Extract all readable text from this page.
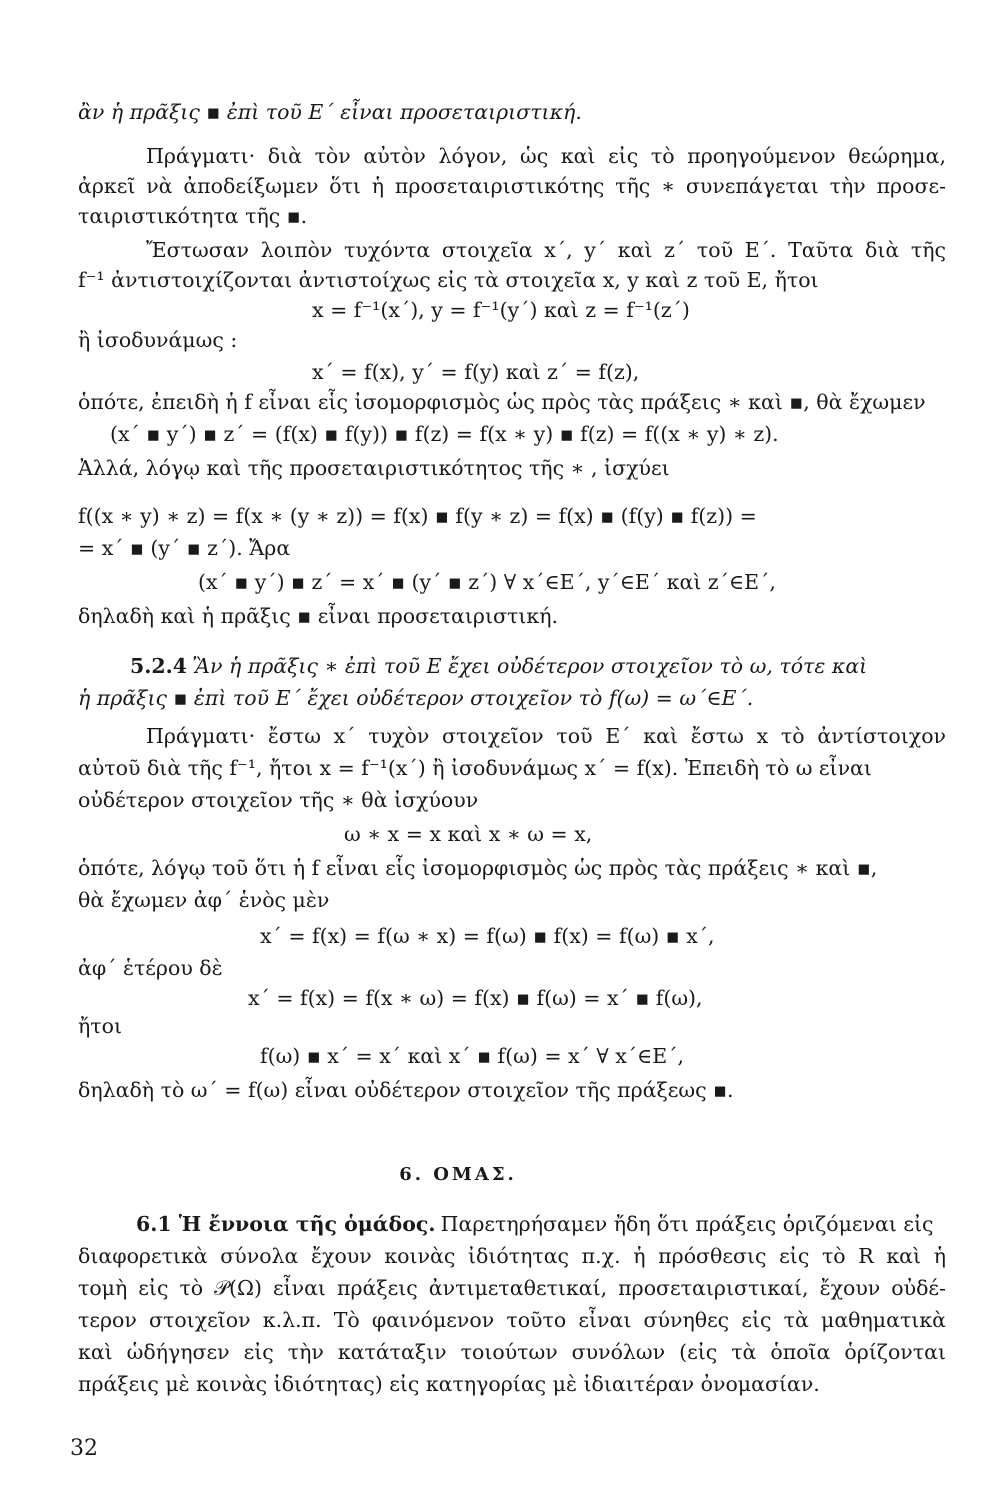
ἂν ἡ πρᾶξις ▪ ἐπὶ τοῦ Ε΄ εἶναι προσεταιριστική.
Πράγματι· διὰ τὸν αὐτὸν λόγον, ὡς καὶ εἰς τὸ προηγούμενον θεώρημα,
ἀρκεῖ νὰ ἀποδείξωμεν ὅτι ἡ προσεταιριστικότης τῆς ∗ συνεπάγεται τὴν προσε-
ταιριστικότητα τῆς ▪.
Ἔστωσαν λοιπὸν τυχόντα στοιχεῖα x΄, y΄ καὶ z΄ τοῦ Ε΄. Ταῦτα διὰ τῆς
f⁻¹ ἀντιστοιχίζονται ἀντιστοίχως εἰς τὰ στοιχεῖα x, y καὶ z τοῦ Ε, ἤτοι
x = f⁻¹(x΄), y = f⁻¹(y΄) καὶ z = f⁻¹(z΄)
ἢ ἰσοδυνάμως :
x΄ = f(x), y΄ = f(y) καὶ z΄ = f(z),
ὁπότε, ἐπειδὴ ἡ f εἶναι εἷς ἰσομορφισμὸς ὡς πρὸς τὰς πράξεις ∗ καὶ ▪, θὰ ἔχωμεν
(x΄ ▪ y΄) ▪ z΄ = (f(x) ▪ f(y)) ▪ f(z) = f(x ∗ y) ▪ f(z) = f((x ∗ y) ∗ z).
Ἀλλά, λόγῳ καὶ τῆς προσεταιριστικότητος τῆς ∗ , ἰσχύει
f((x ∗ y) ∗ z) = f(x ∗ (y ∗ z)) = f(x) ▪ f(y ∗ z) = f(x) ▪ (f(y) ▪ f(z)) =
= x΄ ▪ (y΄ ▪ z΄). Ἄρα
(x΄ ▪ y΄) ▪ z΄ = x΄ ▪ (y΄ ▪ z΄) ∀ x΄∈Ε΄, y΄∈Ε΄ καὶ z΄∈Ε΄,
δηλαδὴ καὶ ἡ πρᾶξις ▪ εἶναι προσεταιριστική.
5.2.4 Ἂν ἡ πρᾶξις ∗ ἐπὶ τοῦ Ε ἔχει οὐδέτερον στοιχεῖον τὸ ω, τότε καὶ
ἡ πρᾶξις ▪ ἐπὶ τοῦ Ε΄ ἔχει οὐδέτερον στοιχεῖον τὸ f(ω) = ω΄∈Ε΄.
Πράγματι· ἔστω x΄ τυχὸν στοιχεῖον τοῦ Ε΄ καὶ ἔστω x τὸ ἀντίστοιχον
αὐτοῦ διὰ τῆς f⁻¹, ἤτοι x = f⁻¹(x΄) ἢ ἰσοδυνάμως x΄ = f(x). Ἐπειδὴ τὸ ω εἶναι
οὐδέτερον στοιχεῖον τῆς ∗ θὰ ἰσχύουν
ω ∗ x = x καὶ x ∗ ω = x,
ὁπότε, λόγῳ τοῦ ὅτι ἡ f εἶναι εἷς ἰσομορφισμὸς ὡς πρὸς τὰς πράξεις ∗ καὶ ▪,
θὰ ἔχωμεν ἀφ΄ ἑνὸς μὲν
x΄ = f(x) = f(ω ∗ x) = f(ω) ▪ f(x) = f(ω) ▪ x΄,
ἀφ΄ ἑτέρου δὲ
x΄ = f(x) = f(x ∗ ω) = f(x) ▪ f(ω) = x΄ ▪ f(ω),
ἤτοι
f(ω) ▪ x΄ = x΄ καὶ x΄ ▪ f(ω) = x΄ ∀ x΄∈Ε΄,
δηλαδὴ τὸ ω΄ = f(ω) εἶναι οὐδέτερον στοιχεῖον τῆς πράξεως ▪.
6. ΟΜΑΣ.
6.1 Ἡ ἔννοια τῆς ὁμάδος. Παρετηρήσαμεν ἤδη ὅτι πράξεις ὁριζόμεναι εἰς
διαφορετικὰ σύνολα ἔχουν κοινὰς ἰδιότητας π.χ. ἡ πρόσθεσις εἰς τὸ R καὶ ἡ
τομὴ εἰς τὸ 𝒫(Ω) εἶναι πράξεις ἀντιμεταθετικαί, προσεταιριστικαί, ἔχουν οὐδέ-
τερον στοιχεῖον κ.λ.π. Τὸ φαινόμενον τοῦτο εἶναι σύνηθες εἰς τὰ μαθηματικὰ
καὶ ὡδήγησεν εἰς τὴν κατάταξιν τοιούτων συνόλων (εἰς τὰ ὁποῖα ὁρίζονται
πράξεις μὲ κοινὰς ἰδιότητας) εἰς κατηγορίας μὲ ἰδιαιτέραν ὀνομασίαν.
32
